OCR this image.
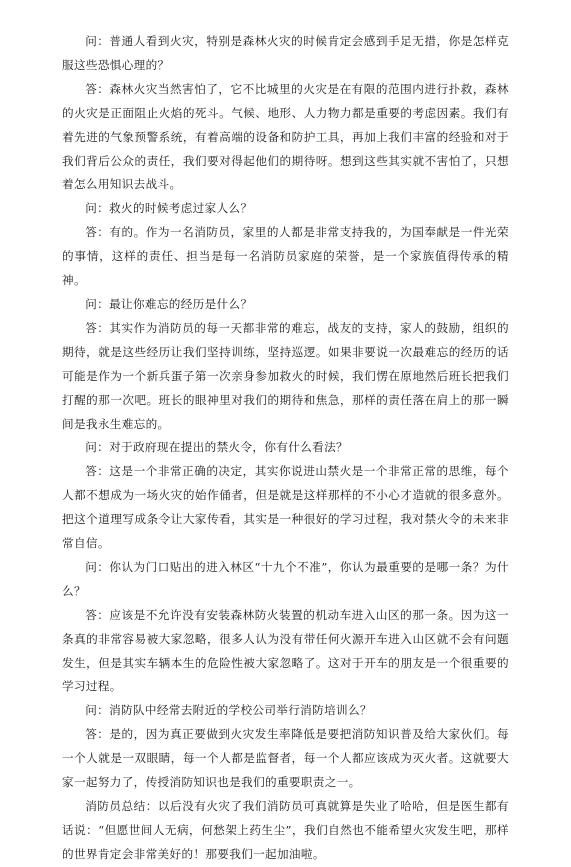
问：普通人看到火灾，特别是森林火灾的时候肯定会感到手足无措，你是怎样克服这些恐惧心理的？

答：森林火灾当然害怕了，它不比城里的火灾是在有限的范围内进行扑救，森林的火灾是正面阻止火焰的死斗。气候、地形、人力物力都是重要的考虑因素。我们有着先进的气象预警系统，有着高端的设备和防护工具，再加上我们丰富的经验和对于我们背后公众的责任，我们要对得起他们的期待呀。想到这些其实就不害怕了，只想着怎么用知识去战斗。

问：救火的时候考虑过家人么？

答：有的。作为一名消防员，家里的人都是非常支持我的，为国奉献是一件光荣的事情，这样的责任、担当是每一名消防员家庭的荣誉，是一个家族值得传承的精神。

问：最让你难忘的经历是什么？

答：其实作为消防员的每一天都非常的难忘，战友的支持，家人的鼓励，组织的期待，就是这些经历让我们坚持训练，坚持巡逻。如果非要说一次最难忘的经历的话可能是作为一个新兵蛋子第一次亲身参加救火的时候，我们愣在原地然后班长把我们打醒的那一次吧。班长的眼神里对我们的期待和焦急，那样的责任落在肩上的那一瞬间是我永生难忘的。

问：对于政府现在提出的禁火令，你有什么看法？

答：这是一个非常正确的决定，其实你说进山禁火是一个非常正常的思维，每个人都不想成为一场火灾的始作俑者，但是就是这样那样的不小心才造就的很多意外。把这个道理写成条令让大家传看，其实是一种很好的学习过程，我对禁火令的未来非常自信。

问：你认为门口贴出的进入林区“十九个不准”，你认为最重要的是哪一条？为什么？

答：应该是不允许没有安装森林防火装置的机动车进入山区的那一条。因为这一条真的非常容易被大家忽略，很多人认为没有带任何火源开车进入山区就不会有问题发生，但是其实车辆本生的危险性被大家忽略了。这对于开车的朋友是一个很重要的学习过程。

问：消防队中经常去附近的学校公司举行消防培训么？

答：是的，因为真正要做到火灾发生率降低是要把消防知识普及给大家伙们。每一个人就是一双眼睛，每一个人都是监督者，每一个人都应该成为灭火者。这就要大家一起努力了，传授消防知识也是我们的重要职责之一。

消防员总结：以后没有火灾了我们消防员可真就算是失业了哈哈，但是医生都有话说：“但愿世间人无病，何愁架上药生尘”，我们自然也不能希望火灾发生吧，那样的世界肯定会非常美好的！那要我们一起加油啦。
